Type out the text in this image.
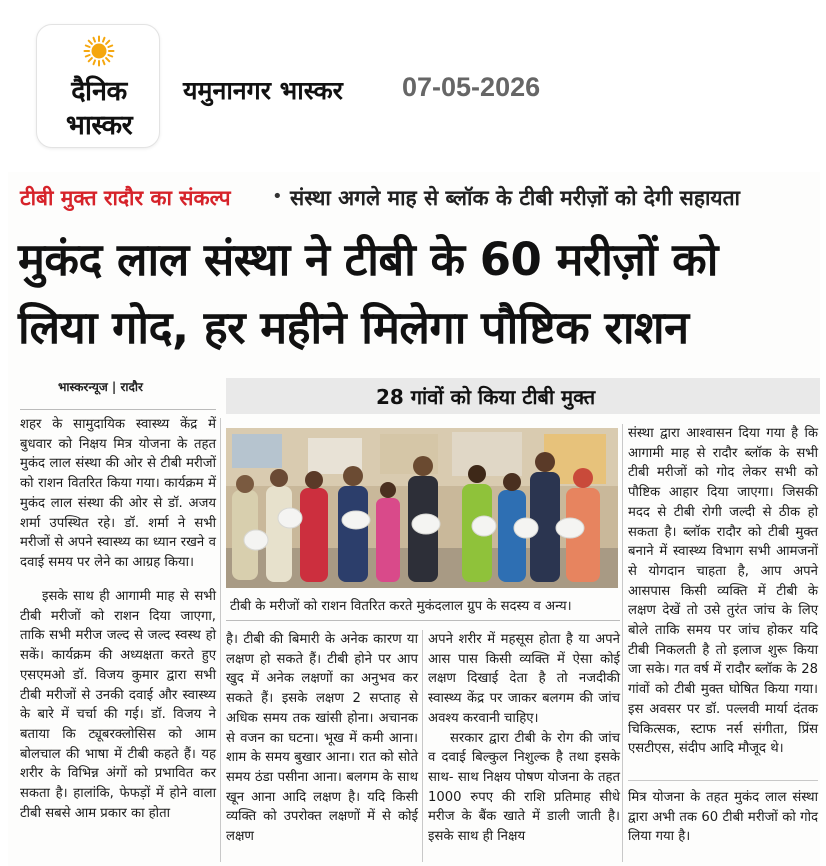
दैनिक
भास्कर
यमुनानगर भास्कर 07-05-2026
टीबी मुक्त रादौर का संकल्प • संस्था अगले माह से ब्लॉक के टीबी मरीज़ों को देगी सहायता
मुकंद लाल संस्था ने टीबी के 60 मरीज़ों को
लिया गोद, हर महीने मिलेगा पौष्टिक राशन
भास्करन्यूज | रादौर	28 गांवों को किया टीबी मुक्त

शहर के सामुदायिक स्वास्थ्य केंद्र में बुधवार को निक्षय मित्र योजना के तहत मुकंद लाल संस्था की ओर से टीबी मरीजों को राशन वितरित किया गया। कार्यक्रम में मुकंद लाल संस्था की ओर से डॉ. अजय शर्मा उपस्थित रहे। डॉ. शर्मा ने सभी मरीजों से अपने स्वास्थ्य का ध्यान रखने व दवाई समय पर लेने का आग्रह किया।

इसके साथ ही आगामी माह से सभी टीबी मरीजों को राशन दिया जाएगा, ताकि सभी मरीज जल्द से जल्द स्वस्थ हो सकें। कार्यक्रम की अध्यक्षता करते हुए एसएमओ डॉ. विजय कुमार द्वारा सभी टीबी मरीजों से उनकी दवाई और स्वास्थ्य के बारे में चर्चा की गई। डॉ. विजय ने बताया कि ट्यूबरक्लोसिस को आम बोलचाल की भाषा में टीबी कहते हैं। यह शरीर के विभिन्न अंगों को प्रभावित कर सकता है। हालांकि, फेफड़ों में होने वाला टीबी सबसे आम प्रकार का होता

टीबी के मरीजों को राशन वितरित करते मुकंदलाल ग्रुप के सदस्य व अन्य।

है। टीबी की बिमारी के अनेक कारण या लक्षण हो सकते हैं। टीबी होने पर आप खुद में अनेक लक्षणों का अनुभव कर सकते हैं। इसके लक्षण 2 सप्ताह से अधिक समय तक खांसी होना। अचानक से वजन का घटना। भूख में कमी आना। शाम के समय बुखार आना। रात को सोते समय ठंडा पसीना आना। बलगम के साथ खून आना आदि लक्षण है। यदि किसी व्यक्ति को उपरोक्त लक्षणों में से कोई लक्षण

अपने शरीर में महसूस होता है या अपने आस पास किसी व्यक्ति में ऐसा कोई लक्षण दिखाई देता है तो नजदीकी स्वास्थ्य केंद्र पर जाकर बलगम की जांच अवश्य करवानी चाहिए।

सरकार द्वारा टीबी के रोग की जांच व दवाई बिल्कुल निशुल्क है तथा इसके साथ- साथ निक्षय पोषण योजना के तहत 1000 रुपए की राशि प्रतिमाह सीधे मरीज के बैंक खाते में डाली जाती है। इसके साथ ही निक्षय

संस्था द्वारा आश्वासन दिया गया है कि आगामी माह से रादौर ब्लॉक के सभी टीबी मरीजों को गोद लेकर सभी को पौष्टिक आहार दिया जाएगा। जिसकी मदद से टीबी रोगी जल्दी से ठीक हो सकता है। ब्लॉक रादौर को टीबी मुक्त बनाने में स्वास्थ्य विभाग सभी आमजनों से योगदान चाहता है, आप अपने आसपास किसी व्यक्ति में टीबी के लक्षण देखें तो उसे तुरंत जांच के लिए बोले ताकि समय पर जांच होकर यदि टीबी निकलती है तो इलाज शुरू किया जा सके। गत वर्ष में रादौर ब्लॉक के 28 गांवों को टीबी मुक्त घोषित किया गया। इस अवसर पर डॉ. पल्लवी मार्या दंतक चिकित्सक, स्टाफ नर्स संगीता, प्रिंस एसटीएस, संदीप आदि मौजूद थे।

मित्र योजना के तहत मुकंद लाल संस्था द्वारा अभी तक 60 टीबी मरीजों को गोद लिया गया है।
